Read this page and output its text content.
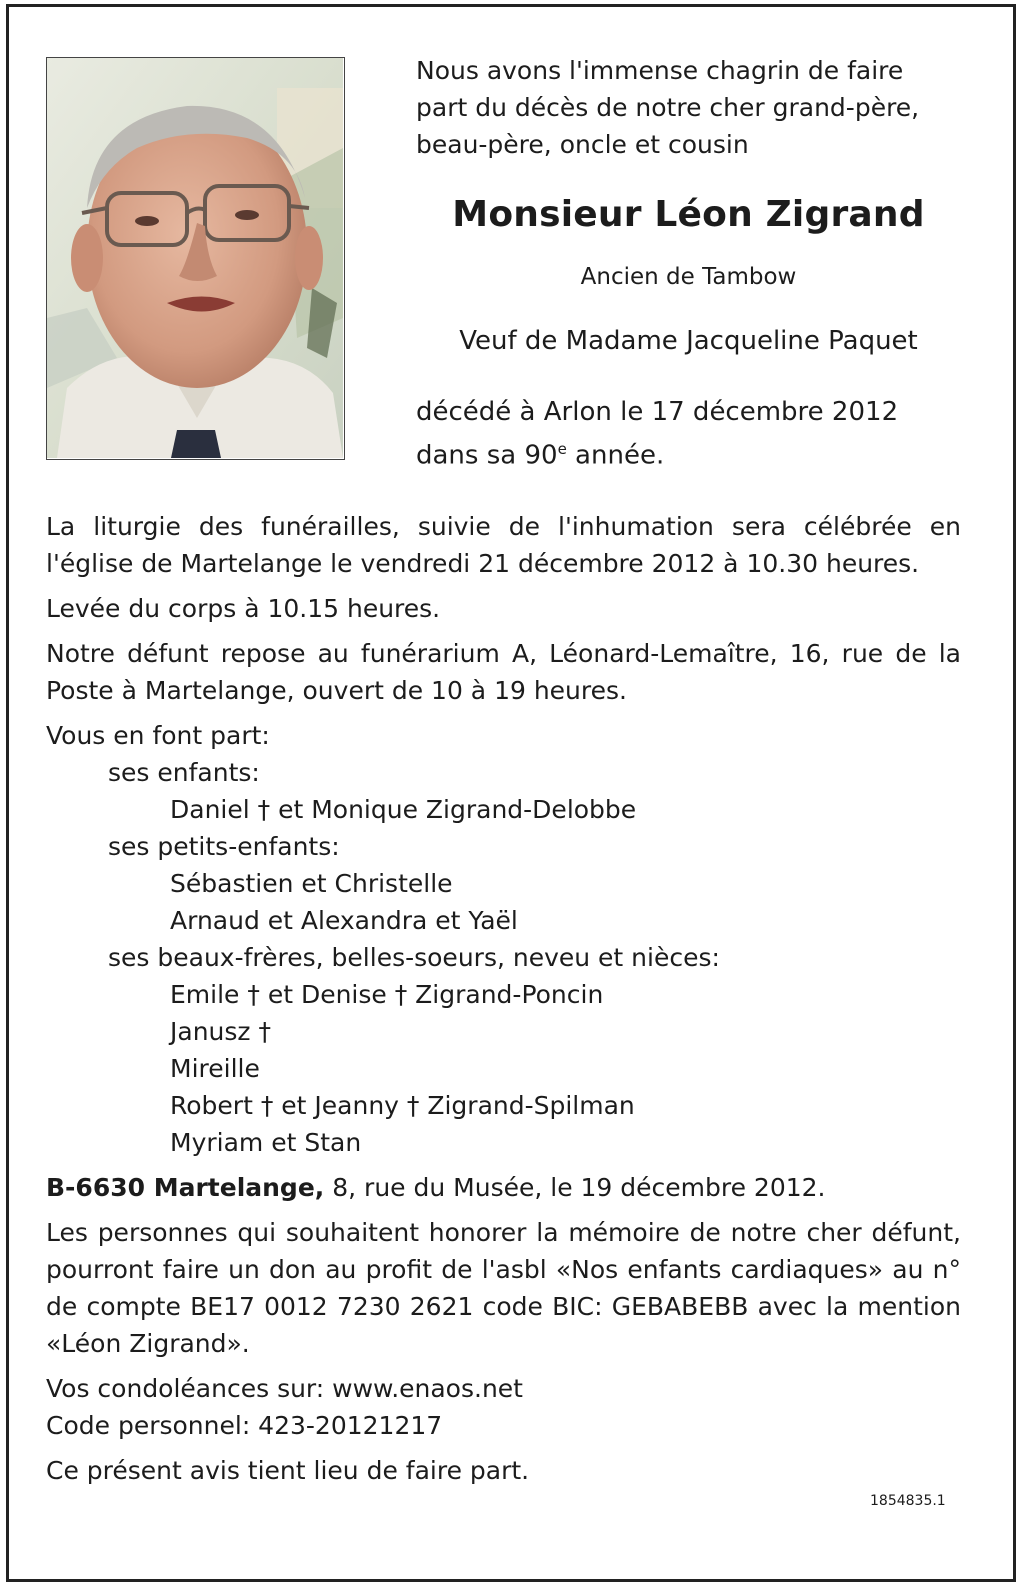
Nous avons l'immense chagrin de faire part du décès de notre cher grand-père, beau-père, oncle et cousin
Monsieur Léon Zigrand
Ancien de Tambow
Veuf de Madame Jacqueline Paquet
décédé à Arlon le 17 décembre 2012
dans sa 90e année.

La liturgie des funérailles, suivie de l'inhumation sera célébrée en l'église de Martelange le vendredi 21 décembre 2012 à 10.30 heures.

Levée du corps à 10.15 heures.

Notre défunt repose au funérarium A, Léonard-Lemaître, 16, rue de la Poste à Martelange, ouvert de 10 à 19 heures.

Vous en font part:

ses enfants:

Daniel † et Monique Zigrand-Delobbe

ses petits-enfants:

Sébastien et Christelle

Arnaud et Alexandra et Yaël

ses beaux-frères, belles-soeurs, neveu et nièces:

Emile † et Denise † Zigrand-Poncin

Janusz †

Mireille

Robert † et Jeanny † Zigrand-Spilman

Myriam et Stan

B-6630 Martelange, 8, rue du Musée, le 19 décembre 2012.

Les personnes qui souhaitent honorer la mémoire de notre cher défunt, pourront faire un don au profit de l'asbl «Nos enfants cardiaques» au n° de compte BE17 0012 7230 2621 code BIC: GEBABEBB avec la mention «Léon Zigrand».

Vos condoléances sur: www.enaos.net

Code personnel: 423-20121217

Ce présent avis tient lieu de faire part.

1854835.1
